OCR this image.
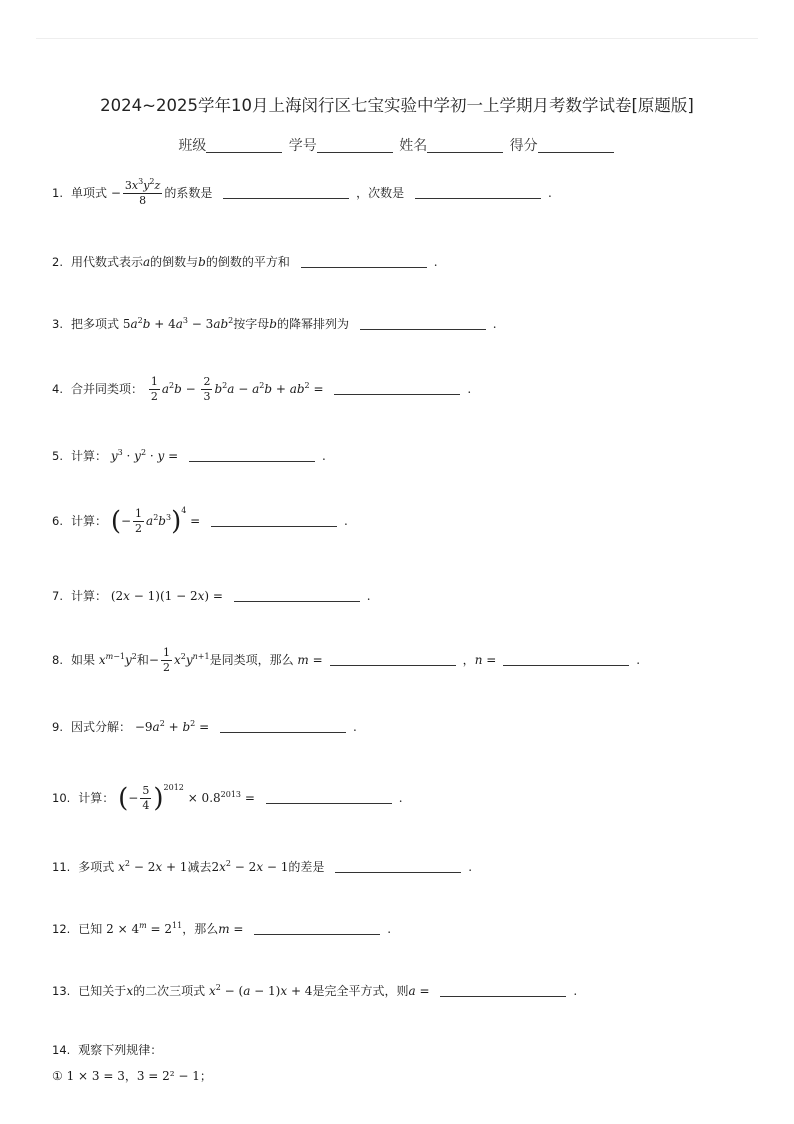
2024~2025学年10月上海闵行区七宝实验中学初一上学期月考数学试卷[原题版]
班级	学号	姓名	得分
1. 单项式 − $\frac{3x^3y^2z}{8}$ 的系数是	，次数是	.
2. 用代数式表示a的倒数与b的倒数的平方和	.
3. 把多项式 $5a^2b + 4a^3 - 3ab^2$按字母b的降幂排列为	.
4. 合并同类项： $\frac{1}{2} a^2b - \frac{2}{3} b^2a - a^2b + ab^2$ =	.
5. 计算： $y^3 \cdot y^2 \cdot y$ =	.
6. 计算： (− $\frac{1}{2} a^2b^3)^4$ =	.
7. 计算： (2x − 1)(1 − 2x) =	.
8. 如果 $x^{m-1}y^2$和− $\frac{1}{2} x^2y^{n+1}$是同类项，那么 m =	，n =	.
9. 因式分解： $-9a^2 + b^2$ =	.
10. 计算： (− $\frac{5}{4} )^{2012} \times 0.8^{2013}$ =	.
11. 多项式 $x^2 - 2x + 1$减去$2x^2 - 2x - 1$的差是	.
12. 已知 $2 \times 4^m = 2^{11}$，那么m =	.
13. 已知关于x的二次三项式 $x^2 - (a - 1)x + 4$是完全平方式，则a =	.
14. 观察下列规律：
① 1 × 3 = 3，3 = 2² − 1；
